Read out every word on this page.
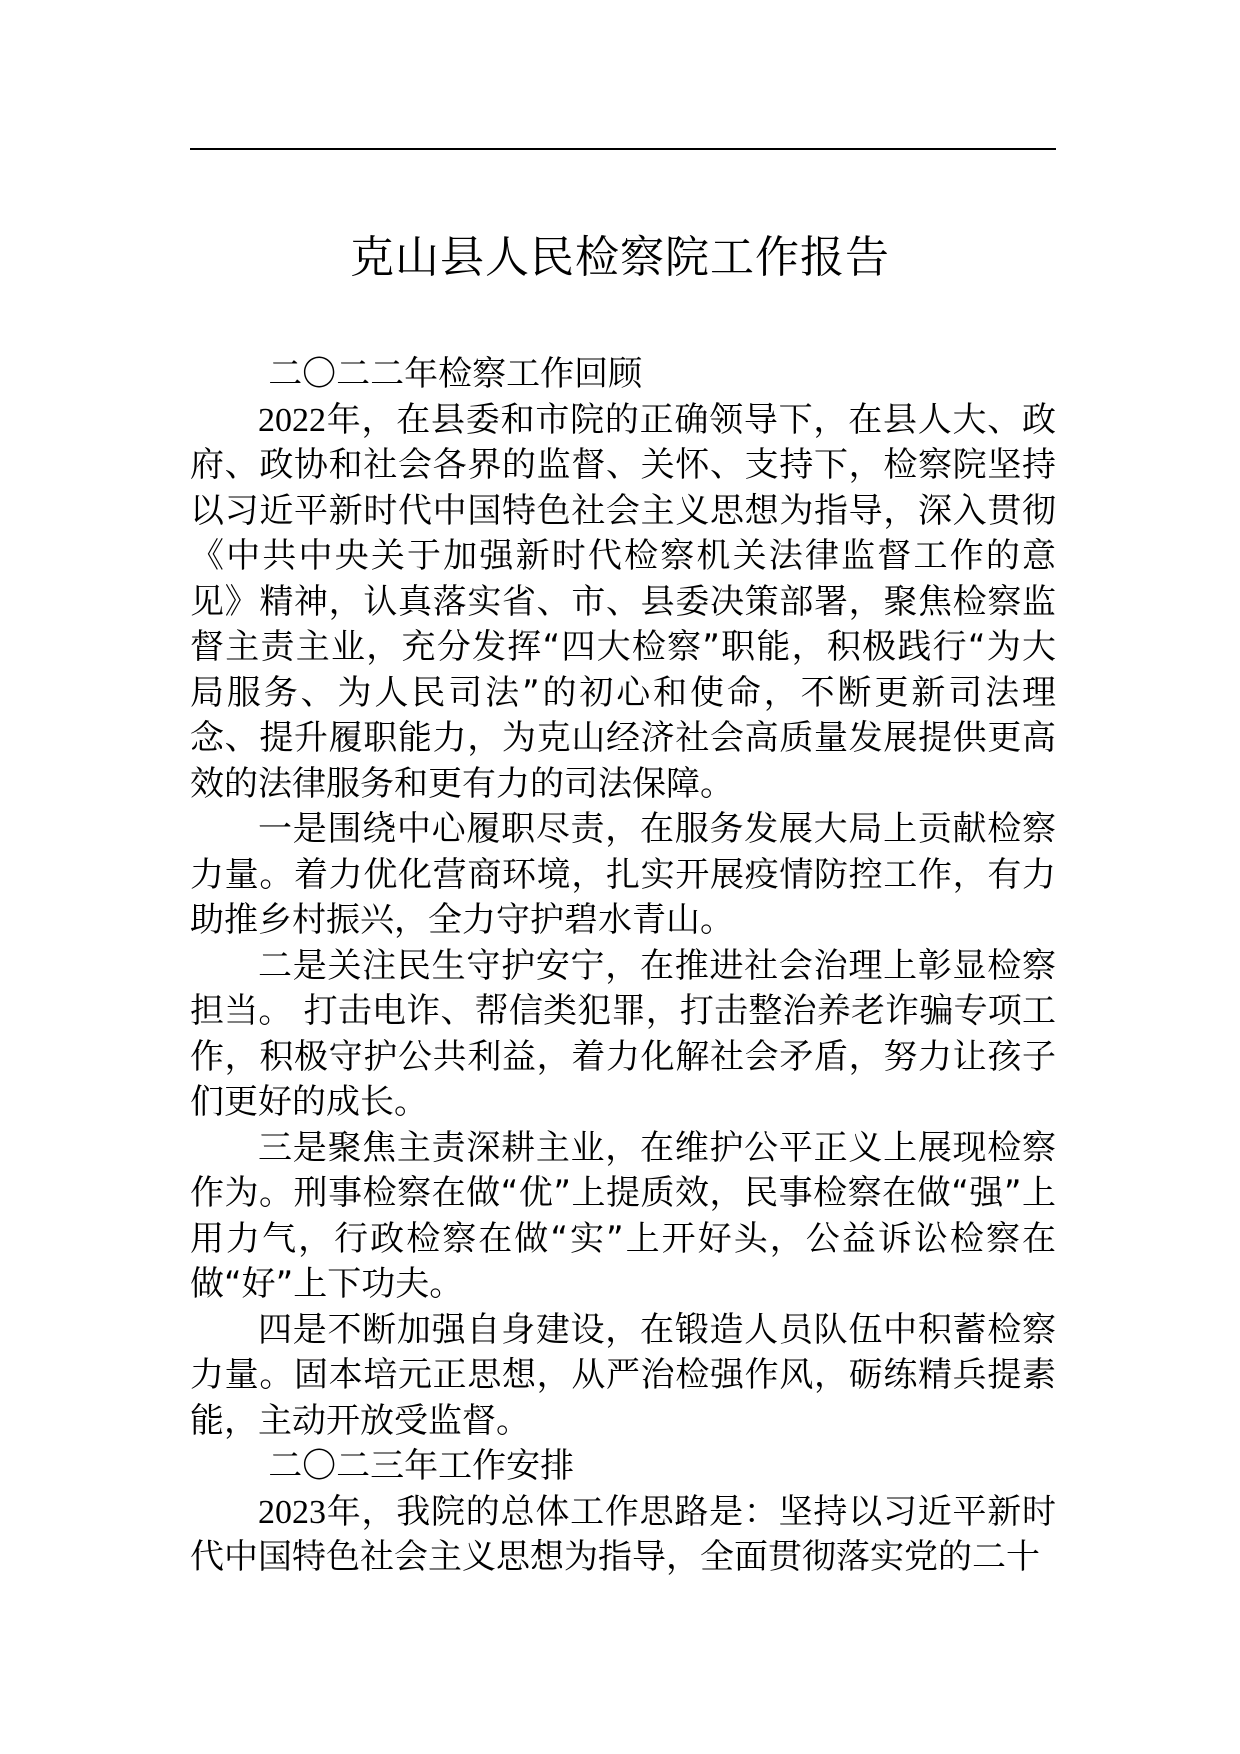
克山县人民检察院工作报告

二〇二二年检察工作回顾

2022年，在县委和市院的正确领导下，在县人大、政府、政协和社会各界的监督、关怀、支持下，检察院坚持以习近平新时代中国特色社会主义思想为指导，深入贯彻《中共中央关于加强新时代检察机关法律监督工作的意见》精神，认真落实省、市、县委决策部署，聚焦检察监督主责主业，充分发挥“四大检察”职能，积极践行“为大局服务、为人民司法”的初心和使命，不断更新司法理念、提升履职能力，为克山经济社会高质量发展提供更高效的法律服务和更有力的司法保障。

一是围绕中心履职尽责，在服务发展大局上贡献检察力量。着力优化营商环境，扎实开展疫情防控工作，有力助推乡村振兴，全力守护碧水青山。

二是关注民生守护安宁，在推进社会治理上彰显检察担当。 打击电诈、帮信类犯罪，打击整治养老诈骗专项工作，积极守护公共利益，着力化解社会矛盾，努力让孩子们更好的成长。

三是聚焦主责深耕主业，在维护公平正义上展现检察作为。刑事检察在做“优”上提质效，民事检察在做“强”上用力气，行政检察在做“实”上开好头，公益诉讼检察在做“好”上下功夫。

四是不断加强自身建设，在锻造人员队伍中积蓄检察力量。固本培元正思想，从严治检强作风，砺练精兵提素能，主动开放受监督。

二〇二三年工作安排

2023年，我院的总体工作思路是：坚持以习近平新时代中国特色社会主义思想为指导，全面贯彻落实党的二十
